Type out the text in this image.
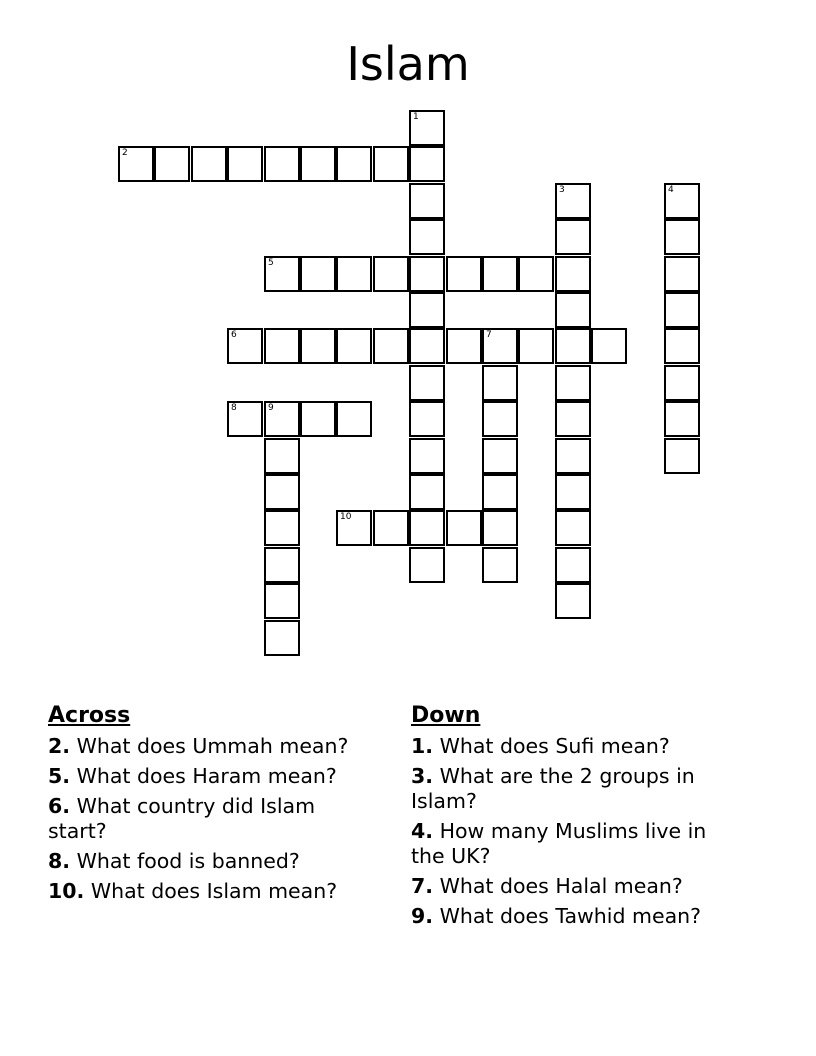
Islam
1
2
3	4
5
6	7
8	9
10
Across
2. What does Ummah mean?
5. What does Haram mean?
6. What country did Islam start?
8. What food is banned?
10. What does Islam mean?
Down
1. What does Sufi mean?
3. What are the 2 groups in Islam?
4. How many Muslims live in the UK?
7. What does Halal mean?
9. What does Tawhid mean?
